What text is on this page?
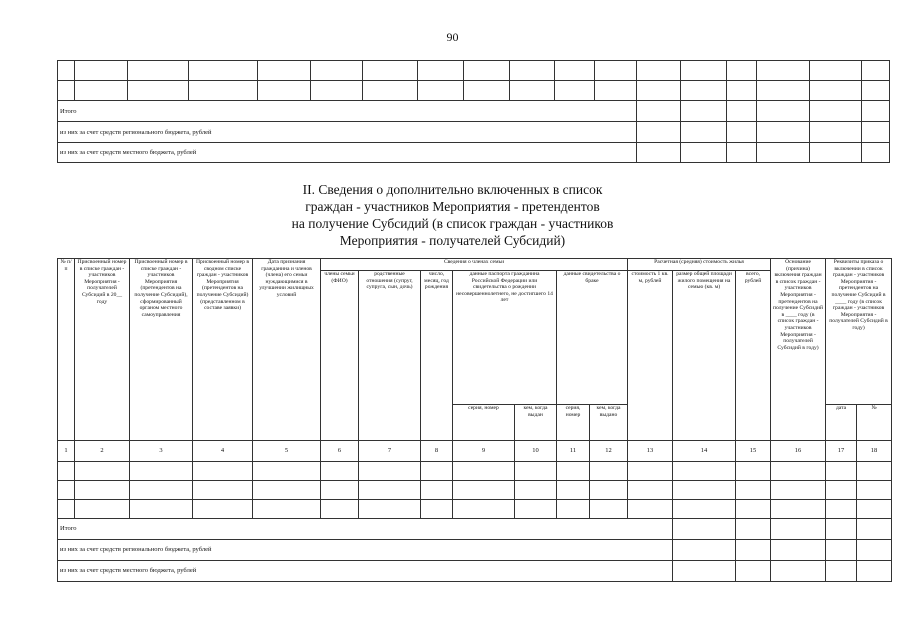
90

Итого																	
из них за счет средств регионального бюджета, рублей																	
из них за счет средств местного бюджета, рублей																	
II. Сведения о дополнительно включенных в список
граждан - участников Мероприятия - претендентов
на получение Субсидий (в список граждан - участников
Мероприятия - получателей Субсидий)
№ п/п	Присвоенный номер в списке граждан - участников Мероприятия - получателей Субсидий в 20__ году	Присвоенный номер в списке граждан - участников Мероприятия (претендентов на получение Субсидий), сформированный органом местного самоуправления	Присвоенный номер в сводном списке граждан - участников Мероприятия (претендентов на получение Субсидий) (представленном в составе заявки)	Дата признания гражданина и членов (члена) его семьи нуждающимися в улучшении жилищных условий	Сведения о членах семьи							Расчетная (средняя) стоимость жилья			Основание (причина) включения граждан в список граждан - участников Мероприятия - претендентов на получение Субсидий в ____ году (в список граждан - участников Мероприятия - получателей Субсидий в году)	Реквизиты приказа о включении в список граждан - участников Мероприятия - претендентов на получение Субсидий в ____ году (в список граждан - участников Мероприятия - получателей Субсидий в году)	
					члены семьи (ФИО)	родственные отношения (супруг, супруга, сын, дочь)	число, месяц, год рождения	данные паспорта гражданина Российской Федерации или свидетельства о рождении несовершеннолетнего, не достигшего 14 лет		данные свидетельства о браке		стоимость 1 кв. м, рублей	размер общей площади жилого помещения на семью (кв. м)	всего, рублей			
								серия, номер	кем, когда выдан	серия, номер	кем, когда выдано					дата	№
1	2	3	4	5	6	7	8	9	10	11	12	13	14	15	16	17	18

Итого																	
из них за счет средств регионального бюджета, рублей																	
из них за счет средств местного бюджета, рублей																	
